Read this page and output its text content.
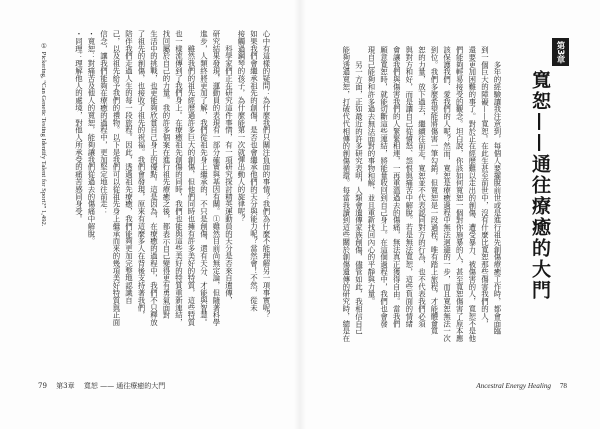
心中有這樣的疑問：為什麼我們只關注負面的事情？我們為什麼不能理解另一項事實呢？
如果我們會繼承祖先的創傷，是否也會繼承他們的天分與能力呢？當然會！不然，從未
接觸過鋼琴的孩子，為什麼能第一次就彈出動人的旋律呢？
　　科學家們正在研究這件事情，有一項研究探討精英運動員的天分是否來自遺傳，
研究結果發現，運動員的表現有一部分確實與基因有關。①雖然目前尚無定論，但隨著科學
進步，人類終將更加了解，我們從祖先身上繼承的，不只是創傷，還有天分、才能與智慧。
　　雖然我們的祖先經歷過許多巨大的創傷，但他們同時也擁有許多美好的特質，這些特質
也一樣流傳到了我們身上。在療癒祖先創傷的同時，我們也能與這些美好的特質重新連結，
找回屬於自己的力量。我的許多個案在進行祖先療癒之後，都表示自己變得更有勇氣面對
生活中的挑戰，也更能夠欣賞自己身上的優點。這是因為，在療癒的過程中，我們不只釋放
了祖先的創傷，也接收了祖先的祝福。我們會發現，原來有這麼多人在背後支持著我們，
陪伴我們走過人生的每一段旅程。因此，透過祖先療癒，我們能夠更加完整地認識自
己，以及祖先給予我們的禮物。以下是我們可以從祖先身上繼承而來的幾項美好特質與正面
信念，讓我們能夠在療癒的過程中，更加堅定地往前走：
・寬恕：對痛苦及他人的寬恕，能夠讓我們從過去的傷痛中解脫。
・同理：理解他人的處境，對他人所承受的痛苦感同身受。
① Pickering, “Can Genetic Testing Identify Talent for Sport?” 1,492.
79 第3章 寬恕 —— 通往療癒的大門
第3章
寬恕——通往療癒的大門
　　多年的經驗讓我注意到，每個人要擺脫前世或是進行祖先創傷療癒工作時，都會面臨
到一個巨大的障礙——寬恕。在此生甚至前世中，沒有什麼比寬恕那些傷害我們的人，
還要更加困難的事了。對於正在經歷難以走出的創傷、遭受暴力、被傷害的人，寬恕不是他
們能夠輕易接受的觀念。坦白說，你該如何寬恕一個對你施暴的人，甚至寬恕傷害了原本應
該保護我們、愛我們的人呢？然而，寬恕是療癒過程中無法迴避的一步，而且寬恕無法一次
到位。我們多麼希望能將傷害一筆勾銷，但寬恕是一段過程，唯有踏上旅程，才能體會寬
恕的力量，放下過去，繼續往前走。寬恕並不代表認同對方的行為，也不代表我們必須
與對方和好，而是讓自己從憤怒、怨恨與痛苦中解脫。若是無法寬恕，這些負面的情緒
會讓我們與傷害我們的人緊緊相連，一再重溫過去的傷痛，無法真正獲得自由。當我們
願意寬恕時，就能切斷這些連結，將能量收回到自己身上。在這個過程中，我們也會發
現自己能夠和許多過去無法面對的事物和解，並且重新找回內心的平靜與力量。
　　另一方面，正如最近的許多研究表明，人類會遺傳家族創傷，儘管如此，我相信自己
能夠透過寬恕，打破代代相傳的創傷循環。每當我讀到這些關於創傷遺傳的研究時，總是在
Ancestral Energy Healing 78
